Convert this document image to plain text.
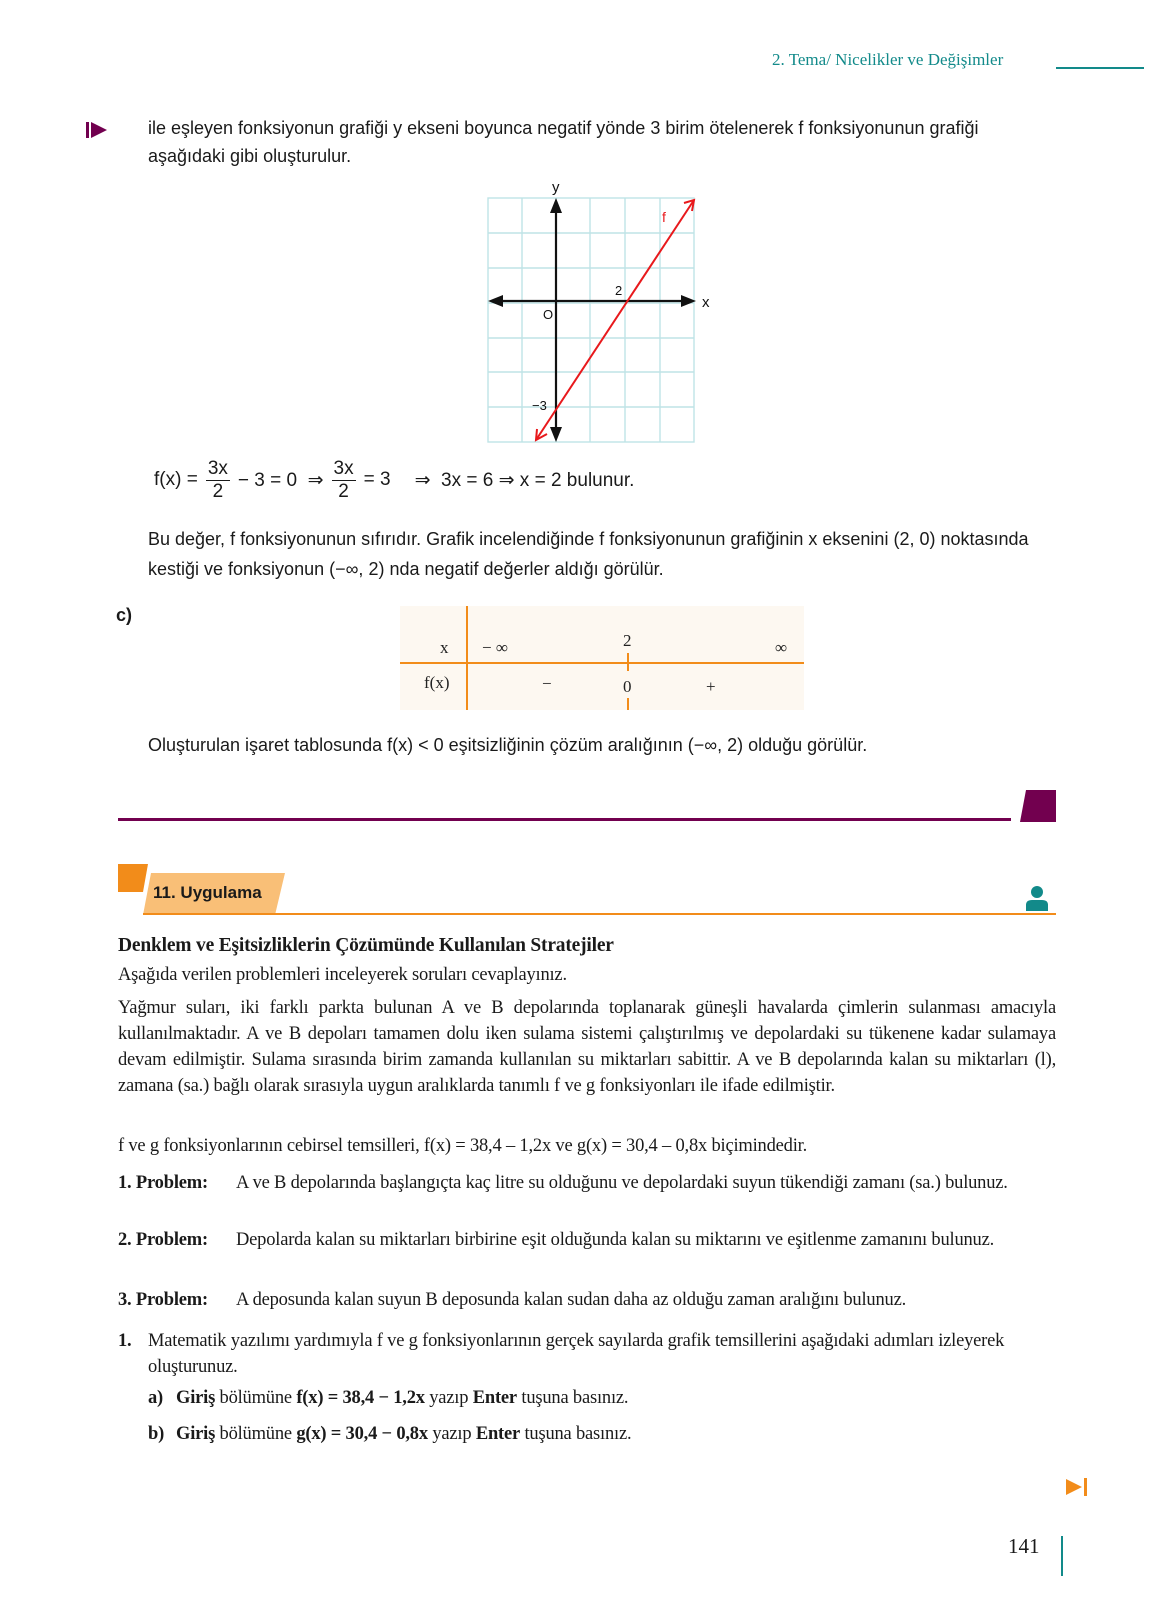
2. Tema/ Nicelikler ve Değişimler
ile eşleyen fonksiyonun grafiği y ekseni boyunca negatif yönde 3 birim ötelenerek f fonksiyonunun grafiği aşağıdaki gibi oluşturulur.
y
x
O
2
−3
f
$f(x) = \frac{3x}{2} - 3 = 0$  ⇒ $\frac{3x}{2} = 3$ ⇒  3x = 6 ⇒ x = 2 bulunur.
Bu değer, f fonksiyonunun sıfırıdır. Grafik incelendiğinde f fonksiyonunun grafiğinin x eksenini (2, 0) noktasında kestiği ve fonksiyonun (−∞, 2) nda negatif değerler aldığı görülür.
c)
x − ∞	2	∞
f(x)	−	0	+
Oluşturulan işaret tablosunda f(x) < 0 eşitsizliğinin çözüm aralığının (−∞, 2) olduğu görülür.
11. Uygulama
Denklem ve Eşitsizliklerin Çözümünde Kullanılan Stratejiler
Aşağıda verilen problemleri inceleyerek soruları cevaplayınız.
Yağmur suları, iki farklı parkta bulunan A ve B depolarında toplanarak güneşli havalarda çimlerin sulanması amacıyla kullanılmaktadır. A ve B depoları tamamen dolu iken sulama sistemi çalıştırılmış ve depolardaki su tükenene kadar sulamaya devam edilmiştir. Sulama sırasında birim zamanda kullanılan su miktarları sabittir. A ve B depolarında kalan su miktarları (l), zamana (sa.) bağlı olarak sırasıyla uygun aralıklarda tanımlı f ve g fonksiyonları ile ifade edilmiştir.
f ve g fonksiyonlarının cebirsel temsilleri, f(x) = 38,4 – 1,2x ve g(x) = 30,4 – 0,8x biçimindedir.
1. Problem:	A ve B depolarında başlangıçta kaç litre su olduğunu ve depolardaki suyun tükendiği zamanı (sa.) bulunuz.
2. Problem:	Depolarda kalan su miktarları birbirine eşit olduğunda kalan su miktarını ve eşitlenme zamanını bulunuz.
3. Problem:	A deposunda kalan suyun B deposunda kalan sudan daha az olduğu zaman aralığını bulunuz.
1. Matematik yazılımı yardımıyla f ve g fonksiyonlarının gerçek sayılarda grafik temsillerini aşağıdaki adımları izleyerek oluşturunuz.
a) Giriş bölümüne f(x) = 38,4 − 1,2x yazıp Enter tuşuna basınız.
b) Giriş bölümüne g(x) = 30,4 − 0,8x yazıp Enter tuşuna basınız.
141
